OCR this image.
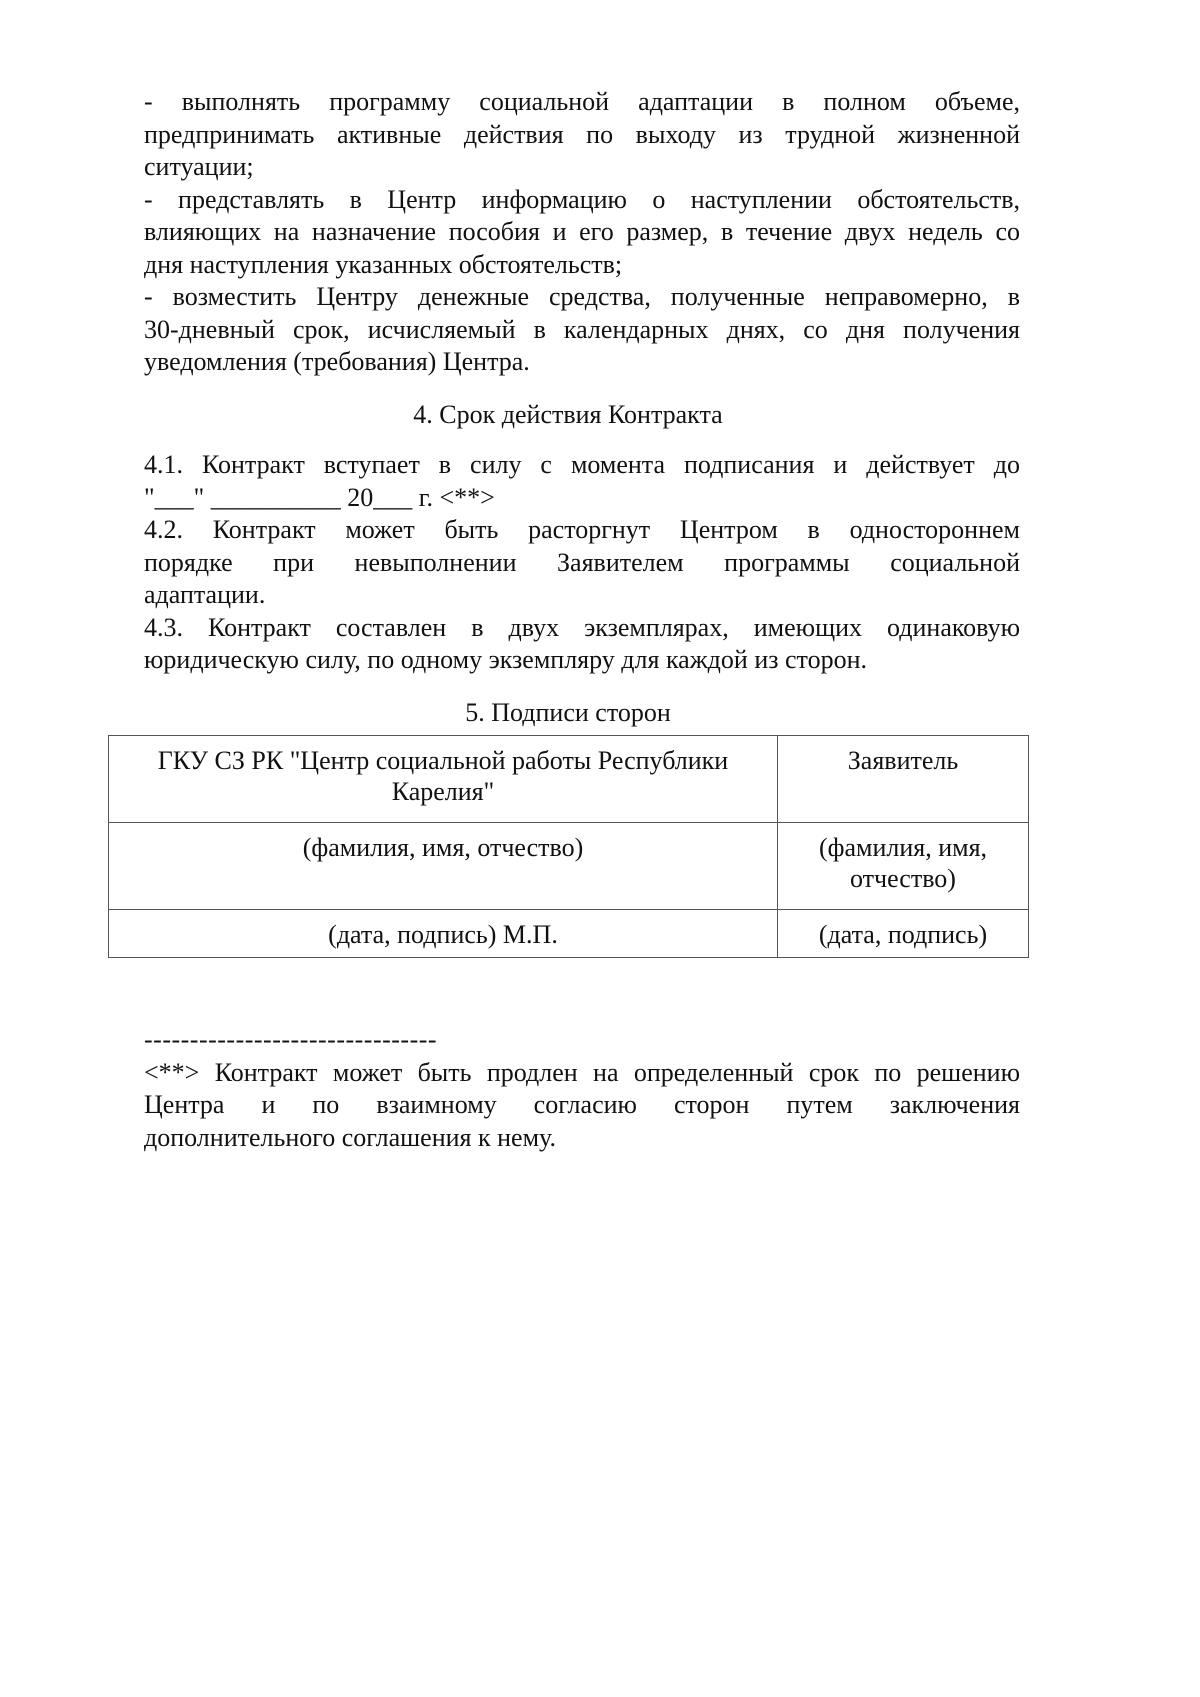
- выполнять программу социальной адаптации в полном объеме,
предпринимать активные действия по выходу из трудной жизненной
ситуации;

- представлять в Центр информацию о наступлении обстоятельств,
влияющих на назначение пособия и его размер, в течение двух недель со
дня наступления указанных обстоятельств;

- возместить Центру денежные средства, полученные неправомерно, в
30-дневный срок, исчисляемый в календарных днях, со дня получения
уведомления (требования) Центра.

4. Срок действия Контракта

4.1. Контракт вступает в силу с момента подписания и действует до
"___" __________ 20___ г. <**>

4.2. Контракт может быть расторгнут Центром в одностороннем
порядке при невыполнении Заявителем программы социальной
адаптации.

4.3. Контракт составлен в двух экземплярах, имеющих одинаковую
юридическую силу, по одному экземпляру для каждой из сторон.

5. Подписи сторон
ГКУ СЗ РК "Центр социальной работы Республики
Карелия"	Заявитель

(фамилия, имя, отчество)	(фамилия, имя,
отчество)

(дата, подпись) М.П.	(дата, подпись)
--------------------------------

<**> Контракт может быть продлен на определенный срок по решению
Центра и по взаимному согласию сторон путем заключения
дополнительного соглашения к нему.
